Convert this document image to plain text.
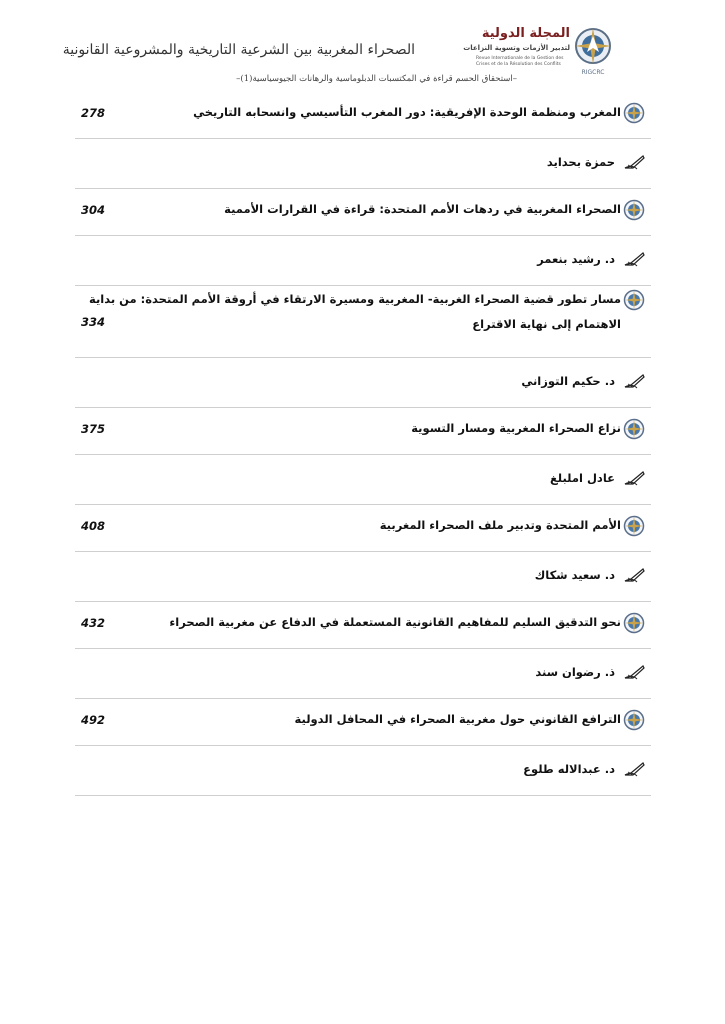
المجلة الدولية
لتدبير الأزمات وتسوية النزاعات
Revue Internationale de la Gestion des Crises et de la Résolution des Conflits
RIGCRC
الصحراء المغربية بين الشرعية التاريخية والمشروعية القانونية
–استحقاق الحسم قراءة في المكتسبات الدبلوماسية والرهانات الجيوسياسية(1)–
المغرب ومنظمة الوحدة الإفريقية: دور المغرب التأسيسي وانسحابه التاريخي
278
حمزة بحدايد
الصحراء المغربية في ردهات الأمم المتحدة: قراءة في القرارات الأممية
304
د. رشيد بنعمر
مسار تطور قضية الصحراء الغربية- المغربية ومسيرة الارتقاء في أروقة الأمم المتحدة: من بداية الاهتمام إلى نهاية الاقتراع
334
د. حكيم التوزاني
نزاع الصحراء المغربية ومسار التسوية
375
عادل املبلغ
الأمم المتحدة وتدبير ملف الصحراء المغربية
408
د. سعيد شكاك
نحو التدقيق السليم للمفاهيم القانونية المستعملة في الدفاع عن مغربية الصحراء
432
ذ. رضوان سند
الترافع القانوني حول مغربية الصحراء في المحافل الدولية
492
د. عبدالاله طلوع
